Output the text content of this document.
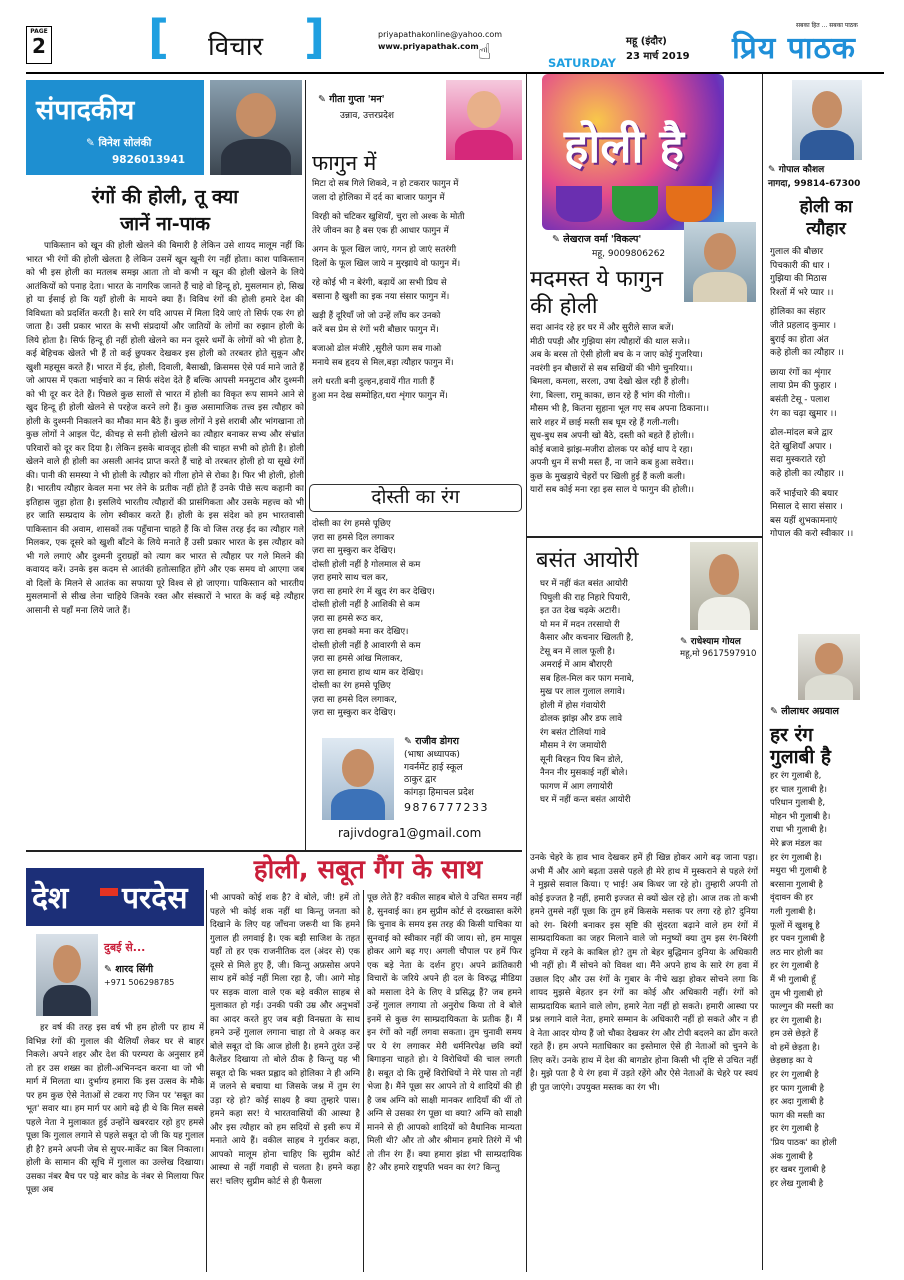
PAGE
2 [ विचार ]	priyapathakonline@yahoo.com
www.priyapathak.com ☝	SATURDAY
महू (इंदौर)
23 मार्च 2019
सबका हित ... सबका पाठक
प्रिय पाठक
संपादकीय
✎ विनेश सोलंकी
9826013941
रंगों की होली, तू क्या
जानें ना-पाक

पाकिस्तान को खून की होली खेलने की बिमारी है लेकिन उसे शायद मालूम नहीं कि भारत भी रंगों की होली खेलता है लेकिन उसमें खून खूनी रंग नहीं होता। काश पाकिस्तान को भी इस होली का मतलब समझ आता तो वो कभी न खून की होली खेलने के लिये आतंकियों को पनाह देता। भारत के नागरिक जानते हैं चाहे वो हिन्दू हो, मुसलमान हो, सिख हो या ईसाई हो कि यहाँ होली के मायने क्या हैं। विविध रंगों की होली हमारे देश की विविधता को प्रदर्शित करती है। सारे रंग यदि आपस में मिला दिये जाएं तो सिर्फ एक रंग हो जाता है। उसी प्रकार भारत के सभी संप्रदायों और जातियों के लोगों का रुझान होली के लिये होता है। सिर्फ हिन्दू ही नहीं होली खेलने का मन दूसरे धर्मों के लोगों को भी होता है, कई बेहिचक खेलते भी हैं तो कई छुपकर देखकर इस होली को तरबतर होते सुकून और खुशी महसूस करते हैं। भारत में ईद, होली, दिवाली, बैसाखी, क्रिसमस ऐसे पर्व माने जाते हैं जो आपस में एकता भाईचारे का न सिर्फ संदेश देते हैं बल्कि आपसी मनमुटाव और दुश्मनी को भी दूर कर देते हैं। पिछले कुछ सालों से भारत में होली का विकृत रूप सामने आने से खुद हिन्दू ही होली खेलने से परहेज करने लगे हैं। कुछ असामाजिक तत्त्व इस त्यौहार को होली के दुश्मनी निकालने का मौका मान बैठे हैं। कुछ लोगों ने इसे शराबी और भांगखाना तो कुछ लोगों ने आइल पेंट, कीचड़ से सनी होली खेलने का त्यौहार बनाकर सभ्य और संभ्रांत परिवारों को दूर कर दिया है। लेकिन इसके बावजूद होली की चाहत सभी को होती है। होली खेलने वाले ही होली का असली आनंद प्राप्त करते हैं चाहे वो तरबतर होली हो या सूखे रंगों की। पानी की समस्या ने भी होली के त्यौहार को गीला होने से रोका है। फिर भी होली, होली है। भारतीय त्यौहार केवल मना भर लेने के प्रतीक नहीं होते हैं उनके पीछे सत्य कहानी का इतिहास जुड़ा होता है। इसलिये भारतीय त्यौहारों की प्रासंगिकता और उसके महत्त्व को भी हर जाति सम्प्रदाय के लोग स्वीकार करते हैं। होली के इस संदेश को हम भारतवासी पाकिस्तान की अवाम, शासकों तक पहुँचाना चाहते हैं कि वो जिस तरह ईद का त्यौहार गले मिलकर, एक दूसरे को खुशी बाँटने के लिये मनाते हैं उसी प्रकार भारत के इस त्यौहार को भी गले लगाएं और दुश्मनी दुराग्रहों को त्याग कर भारत से त्यौहार पर गले मिलने की कवायद करें। उनके इस कदम से आतंकी हतोत्साहित होंगे और एक समय वो आएगा जब वो दिलों के मिलने से आतंक का सफाया पूरे विश्व से हो जाएगा। पाकिस्तान को भारतीय मुसलमानों से सीख लेना चाहिये जिनके रक्त और संस्कारों ने भारत के कई बड़े त्यौहार आसानी से यहाँ मना लिये जाते हैं।

✎ गीता गुप्ता 'मन'
उन्नाव, उत्तरप्रदेश
फागुन में
मिटा दो सब गिले शिकवे, न हो टकरार फागुन में
जला दो होलिका में दर्द का बाजार फागुन में
विरही को चटिकर खुशियाँ, चुरा लो अश्क के मोती
तेरे जीवन का है बस एक ही आधार फागुन में
अगन के फूल खिल जाएं, गगन हो जाएं सतरंगी
दिलों के फूल खिल जाये न मुरझाये वो फागुन में।
रहे कोई भी न बेरंगी, बढ़ायें आ सभी प्रिय से
बसाना है खुशी का इक नया संसार फागुन में।
खड़ी हैं दूरियाँ जो जो उन्हें लाँघ कर उनको
करें बस प्रेम से रंगों भरी बौछार फागुन में।
बजाओ ढोल मंजीरे ,सुरीले फाग सब गाओ
मनाये सब हृदय से मिल,बड़ा त्यौहार फागुन में।
लगे धरती बनी दुल्हन,हवायें गीत गाती हैं
हुआ मन देख सम्मोहित,धरा शृंगार फागुन में।
दोस्ती का रंग
दोस्ती का रंग हमसे पूछिए
ज़रा सा हमसे दिल लगाकर
ज़रा सा मुस्कुरा कर देखिए।
दोस्ती होली नहीं है गोलमाल से कम
ज़रा हमारे साथ चल कर,
ज़रा सा हमारे रंग में खुद रंग कर देखिए।
दोस्ती होली नहीं है आशिकी से कम
ज़रा सा हमसे रूठ कर,
ज़रा सा हमको मना कर देखिए।
दोस्ती होली नहीं है आवारगी से कम
ज़रा सा हमसे आंख मिलाकर,
ज़रा सा हमारा हाथ थाम कर देखिए।
दोस्ती का रंग हमसे पूछिए
ज़रा सा हमसे दिल लगाकर,
ज़रा सा मुस्कुरा कर देखिए।
✎ राजीव डोगरा
(भाषा अध्यापक)
गवर्नमेंट हाई स्कूल
ठाकुर द्वार
कांगड़ा हिमाचल प्रदेश
9876777233
rajivdogra1@gmail.com
होली है
✎ लेखराज वर्मा 'विकल्प'
महू, 9009806262
मदमस्त ये फागुन
की होली
सदा आनंद रहे हर घर में और सुरीले साज बजें।
मीठी पपड़ी और गुझिया संग त्यौहारों की थाल सजे।।
अब के बरस तो ऐसी होली बच के न जाए कोई गुजरिया।
नवरंगी इन बौछारों से सब सखियों की भीगे चुनरिया।।
बिमला, कमला, सरला, उषा देखो खेल रही हैं होली।
रंगा, बिल्ला, रामू काका, छान रहे हैं भांग की गोली।।
मौसम भी है, कितना सुहाना भूल गए सब अपना ठिकाना।।
सारे शहर में छाई मस्ती सब घूम रहे हैं गली-गली।
सुध-बुध सब अपनी खो बैठे, दस्ती को बहते हैं होली।।
कोई बजावे झांझ-मजीरा ढोलक पर कोई थाप दे रहा।
अपनी धुन में सभी मस्त हैं, ना जाने कब हुआ सवेरा।।
कुछ के मुखड़ाये चेहरों पर खिली हुई हैं कली कली।
यारों सब कोई मना रहा इस साल ये फागुन की होली।।
बसंत आयोरी
✎ राधेश्याम गोयल
महू,मो 9617597910
घर में नहीं कंत बसंत आयोरी
पिघुली की राह निहारे पियारी,
इत उत देख चढ़के अटारी।
यो मन में मदन तरसायो री
कैसार और कचनार खिलती है,
टेसू बन में लाल फूली है।
अमराई में आम बौराएरी
सब हिल-मिल कर फाग मनाबे,
मुख पर लाल गुलाल लगावे।
होली में होस गंवायोरी
ढोलक झांझ और डफ लावे
रंग बसंत टोलियां गावे
मौसम ने रंग जमायोरी
सूनी बिरहन पिय बिन डोले,
नैनन नीर मुसकाई नहीं बोले।
फागण में आग लगायोरी
घर में नहीं कन्त बसंत आयोरी
✎ गोपाल कौशल
नागदा, 99814-67300
होली का
त्यौहार
गुलाल की बौछार
पिचकारी की धार ।
गुझिया की मिठास
रिश्तों में भरे प्यार ।।
होलिका का संहार
जीते प्रहलाद कुमार ।
बुराई का होता अंत
कहे होली का त्यौहार ।।
छाया रंगों का शृंगार
लाया प्रेम की फुहार ।
बसंती टेसू - पलाश
रंग का चढ़ा खुमार ।।
ढोल-मांदल बजे द्वार
देते खुशियाँ अपार ।
सदा मुस्कराते रहो
कहे होली का त्यौहार ।।
करें भाईचारे की बयार
मिसाल दे सारा संसार ।
बस यहीं शुभकामनाएं
गोपाल की करो स्वीकार ।।
✎ लीलाधर अग्रवाल
हर रंग
गुलाबी है
हर रंग गुलाबी है,
हर चाल गुलाबी है।
परिधान गुलाबी है,
मोहन भी गुलाबी है।
राधा भी गुलाबी है।
मेरे ब्रज मंडल का
हर रंग गुलाबी है।
मथुरा भी गुलाबी है
बरसाना गुलाबी है
वृंदावन की हर
गली गुलाबी है।
फूलों में खुशबू है
हर पवन गुलाबी है
लठ मार होली का
हर रंग गुलाबी है
मैं भी गुलाबी हूँ
तुम भी गुलाबी हो
फाल्गुन की मस्ती का
हर रंग गुलाबी है।
हम उसे छेड़ते हैं
वो हमें छेड़ता है।
छेड़छाड़ का ये
हर रंग गुलाबी है
हर फाग गुलाबी है
हर अदा गुलाबी है
फाग की मस्ती का
हर रंग गुलाबी है
'प्रिय पाठक' का होली
अंक गुलाबी है
हर खबर गुलाबी है
हर लेख गुलाबी है
होली, सबूत गैंग के साथ
देश परदेस
दुबई से...
✎ शारद सिंगी
+971 506298785

हर वर्ष की तरह इस वर्ष भी हम होली पर हाथ में विभिन्न रंगों की गुलाल की थैलियाँ लेकर घर से बाहर निकले। अपने शहर और देश की परम्परा के अनुसार हमें तो हर उस शख्स का होली-अभिनन्दन करना था जो भी मार्ग में मिलता था। दुर्भाग्य हमारा कि इस उत्सव के मौके पर हम कुछ ऐसे नेताओं से टकरा गए जिन पर 'सबूत का भूत' सवार था। हम मार्ग पर आगे बढ़े ही थे कि मिल सबसे पहले नेता ने मुलाकात हुई उन्होंने खबरदार रहो हुए हमसे पूछा कि गुलाल लगाने से पहले सबूत दो जी कि यह गुलाल ही है? हमने अपनी जेब से सुपर-मार्केट का बिल निकाला। होली के सामान की सूचि में गुलाल का उल्लेख दिखाया। उसका नंबर बैच पर पड़े बार कोड के नंबर से मिलाया फिर पूछा अब

भी आपको कोई शक है? वे बोले, जी! हमें तो पहले भी कोई शक नहीं था किन्तु जनता को दिखाने के लिए यह जाँचना जरूरी था कि हमने गुलाल ही लगवाई है। एक बड़ी साजिश के तहत यहाँ तो हर एक राजनीतिक दल (अंदर से) एक दूसरे से मिले हुए हैं, जी। किन्तु अफ़सोस अपने साथ हमें कोई नहीं मिला रहा है, जी। आगे मोड़ पर सड़क वाला वाले एक बड़े वकील साहब से मुलाकात हो गई। उनकी पकी उम्र और अनुभवों का आदर करते हुए जब बड़ी विनम्रता के साथ हमने उन्हें गुलाल लगाना चाहा तो वे अकड़ कर बोले सबूत दो कि आज होली है। हमने तुरंत उन्हें कैलेंडर दिखाया तो बोले ठीक है किन्तु यह भी सबूत दो कि भक्त प्रह्लाद को होलिका ने ही अग्नि में जलने से बचाया था जिसके जश्न में तुम रंग उड़ा रहे हो? कोई साक्ष्य है क्या तुम्हारे पास। हमने कहा सर! ये भारतवासियों की आस्था है और इस त्यौहार को हम सदियों से इसी रूप में मनाते आये हैं। वकील साहब ने गुर्राकर कहा, आपको मालूम होना चाहिए कि सुप्रीम कोर्ट आस्था से नहीं गवाही से चलता है। हमने कहा सर! चलिए सुप्रीम कोर्ट से ही फैसला

पूछ लेते हैं? वकील साहब बोले ये उचित समय नहीं है, सुनवाई का। हम सुप्रीम कोर्ट से दरख्वास्त करेंगे कि चुनाव के समय इस तरह की किसी याचिका या सुनवाई को स्वीकार नहीं की जाय। सो, हम मायूस होकर आगे बढ़ गए। अगली चौपाल पर हमें फिर एक बड़े नेता के दर्शन हुए। अपने क्रांतिकारी विचारों के जरिये अपने ही दल के विरुद्ध मीडिया को मसाला देने के लिए वे प्रसिद्ध हैं? जब हमने उन्हें गुलाल लगाया तो अनुरोध किया तो वे बोले इनमें से कुछ रंग साम्प्रदायिकता के प्रतीक हैं। मैं इन रंगों को नहीं लगवा सकता। तुम चुनावी समय पर ये रंग लगाकर मेरी धर्मनिरपेक्ष छवि क्यों बिगाड़ना चाहते हो। ये विरोधियों की चाल लगती है। सबूत दो कि तुम्हें विरोधियों ने मेरे पास तो नहीं भेजा है। मैंने पूछा सर आपने तो ये शादियों की ही है जब अग्नि को साक्षी मानकर शादियाँ की थीं तो अग्नि से उसका रंग पूछा था क्या? अग्नि को साक्षी मानने से ही आपको शादियों को वैधानिक मान्यता मिली थी? और तो और श्रीमान हमारे तिरंगे में भी तो तीन रंग हैं। क्या हमारा झंडा भी साम्प्रदायिक है? और हमारे राष्ट्रपति भवन का रंग? किन्तु

उनके चेहरे के हाव भाव देखकर हमें ही खिन्न होकर आगे बढ़ जाना पड़ा। अभी मैं और आगे बढ़ता उससे पहले ही मेरे हाथ में मुस्कराने से पहले रंगों ने मुझसे सवाल किया। ए भाई! अब किधर जा रहे हो। तुम्हारी अपनी तो कोई इज्जत है नहीं, हमारी इज्जत से क्यों खेल रहे हो। आज तक तो कभी हमने तुमसे नहीं पूछा कि तुम हमें किसके मस्तक पर लगा रहे हो? दुनिया को रंग- बिरंगी बनाकर इस सृष्टि की सुंदरता बढ़ाने वाले हम रंगों में साम्प्रदायिकता का जहर मिलाने वाले जो मनुष्यों क्या तुम इस रंग-बिरंगी दुनिया में रहने के काबिल हो? तुम तो बेहर बुद्धिमान दुनिया के अधिकारी भी नहीं हो। मैं सोचने को विवश था। मैंने अपने हाथ के सारे रंग हवा में उछाल दिए और उस रंगों के गुबार के नीचे खड़ा होकर सोचने लगा कि शायद मुझसे बेहतर इन रंगों का कोई और अधिकारी नहीं। रंगों को साम्प्रदायिक बताने वाले लोग, हमारे नेता नहीं हो सकते। हमारी आस्था पर प्रश्न लगाने वाले नेता, हमारे सम्मान के अधिकारी नहीं हो सकते और न ही वे नेता आदर योग्य हैं जो चौका देखकर रंग और टोपी बदलने का ढोंग करते रहते हैं। हम अपने मताधिकार का इस्तेमाल ऐसे ही नेताओं को चुनने के लिए करें। उनके हाथ में देश की बागडोर होना किसी भी दृष्टि से उचित नहीं है। मुझे पता है ये रंग हवा में उड़ते रहेंगे और ऐसे नेताओं के चेहरे पर स्वयं ही पुत जाएंगे। उपयुक्त मस्तक का रंग भी।
